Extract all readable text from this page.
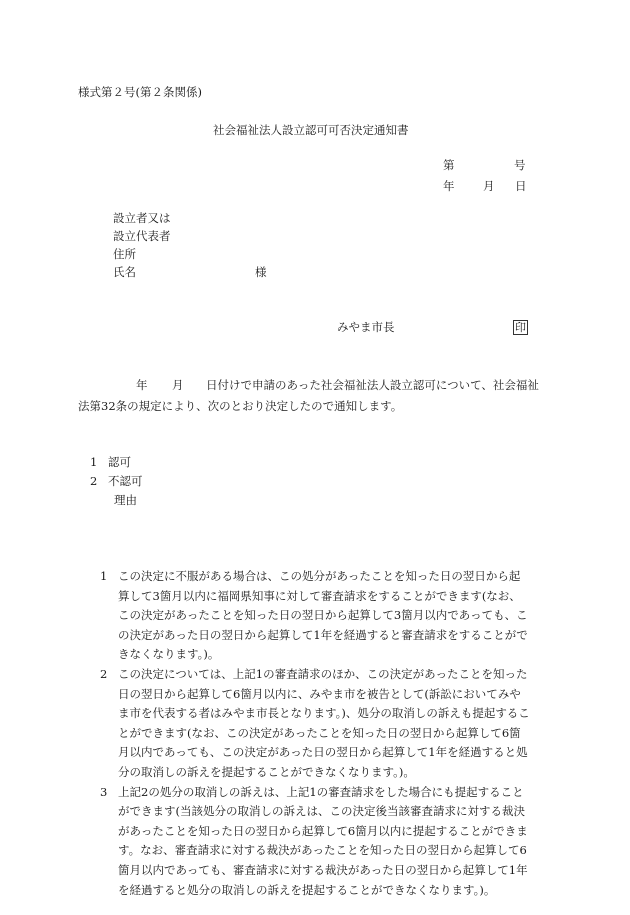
様式第２号(第２条関係)
社会福祉法人設立認可可否決定通知書
第	号
年 月 日
設立者又は
設立代表者
住所
氏名	様
みやま市長	印
年 月 日付けで申請のあった社会福祉法人設立認可について、社会福祉
法第32条の規定により、次のとおり決定したので通知します。
1 認可
2 不認可
理由
1 この決定に不服がある場合は、この処分があったことを知った日の翌日から起算して3箇月以内に福岡県知事に対して審査請求をすることができます(なお、この決定があったことを知った日の翌日から起算して3箇月以内であっても、この決定があった日の翌日から起算して1年を経過すると審査請求をすることができなくなります。)。
2 この決定については、上記1の審査請求のほか、この決定があったことを知った日の翌日から起算して6箇月以内に、みやま市を被告として(訴訟においてみやま市を代表する者はみやま市長となります。)、処分の取消しの訴えも提起することができます(なお、この決定があったことを知った日の翌日から起算して6箇月以内であっても、この決定があった日の翌日から起算して1年を経過すると処分の取消しの訴えを提起することができなくなります。)。
3 上記2の処分の取消しの訴えは、上記1の審査請求をした場合にも提起することができます(当該処分の取消しの訴えは、この決定後当該審査請求に対する裁決があったことを知った日の翌日から起算して6箇月以内に提起することができます。なお、審査請求に対する裁決があったことを知った日の翌日から起算して6箇月以内であっても、審査請求に対する裁決があった日の翌日から起算して1年を経過すると処分の取消しの訴えを提起することができなくなります。)。
